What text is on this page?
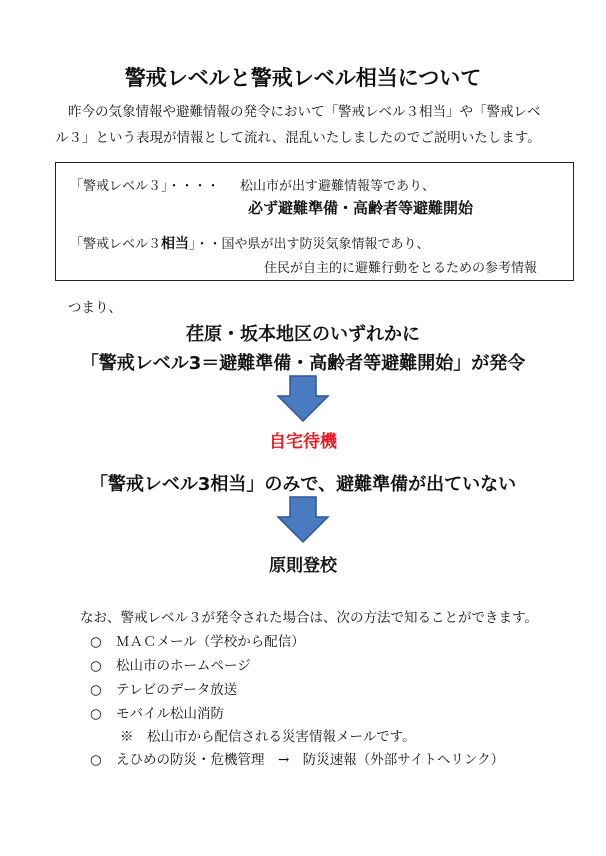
警戒レベルと警戒レベル相当について

昨今の気象情報や避難情報の発令において「警戒レベル３相当」や「警戒レベ

ル３」という表現が情報として流れ、混乱いたしましたのでご説明いたします。

「警戒レベル３」・・・・ 松山市が出す避難情報等であり、
必ず避難準備・高齢者等避難開始
「警戒レベル３相当」・・国や県が出す防災気象情報であり、
住民が自主的に避難行動をとるための参考情報
つまり、
荏原・坂本地区のいずれかに
「警戒レベル3＝避難準備・高齢者等避難開始」が発令
自宅待機
「警戒レベル3相当」のみで、避難準備が出ていない
原則登校
なお、警戒レベル３が発令された場合は、次の方法で知ることができます。
○ ＭＡＣメール（学校から配信）
○ 松山市のホームページ
○ テレビのデータ放送
○ モバイル松山消防
※　松山市から配信される災害情報メールです。
○ えひめの防災・危機管理　→　防災速報（外部サイトへリンク）
